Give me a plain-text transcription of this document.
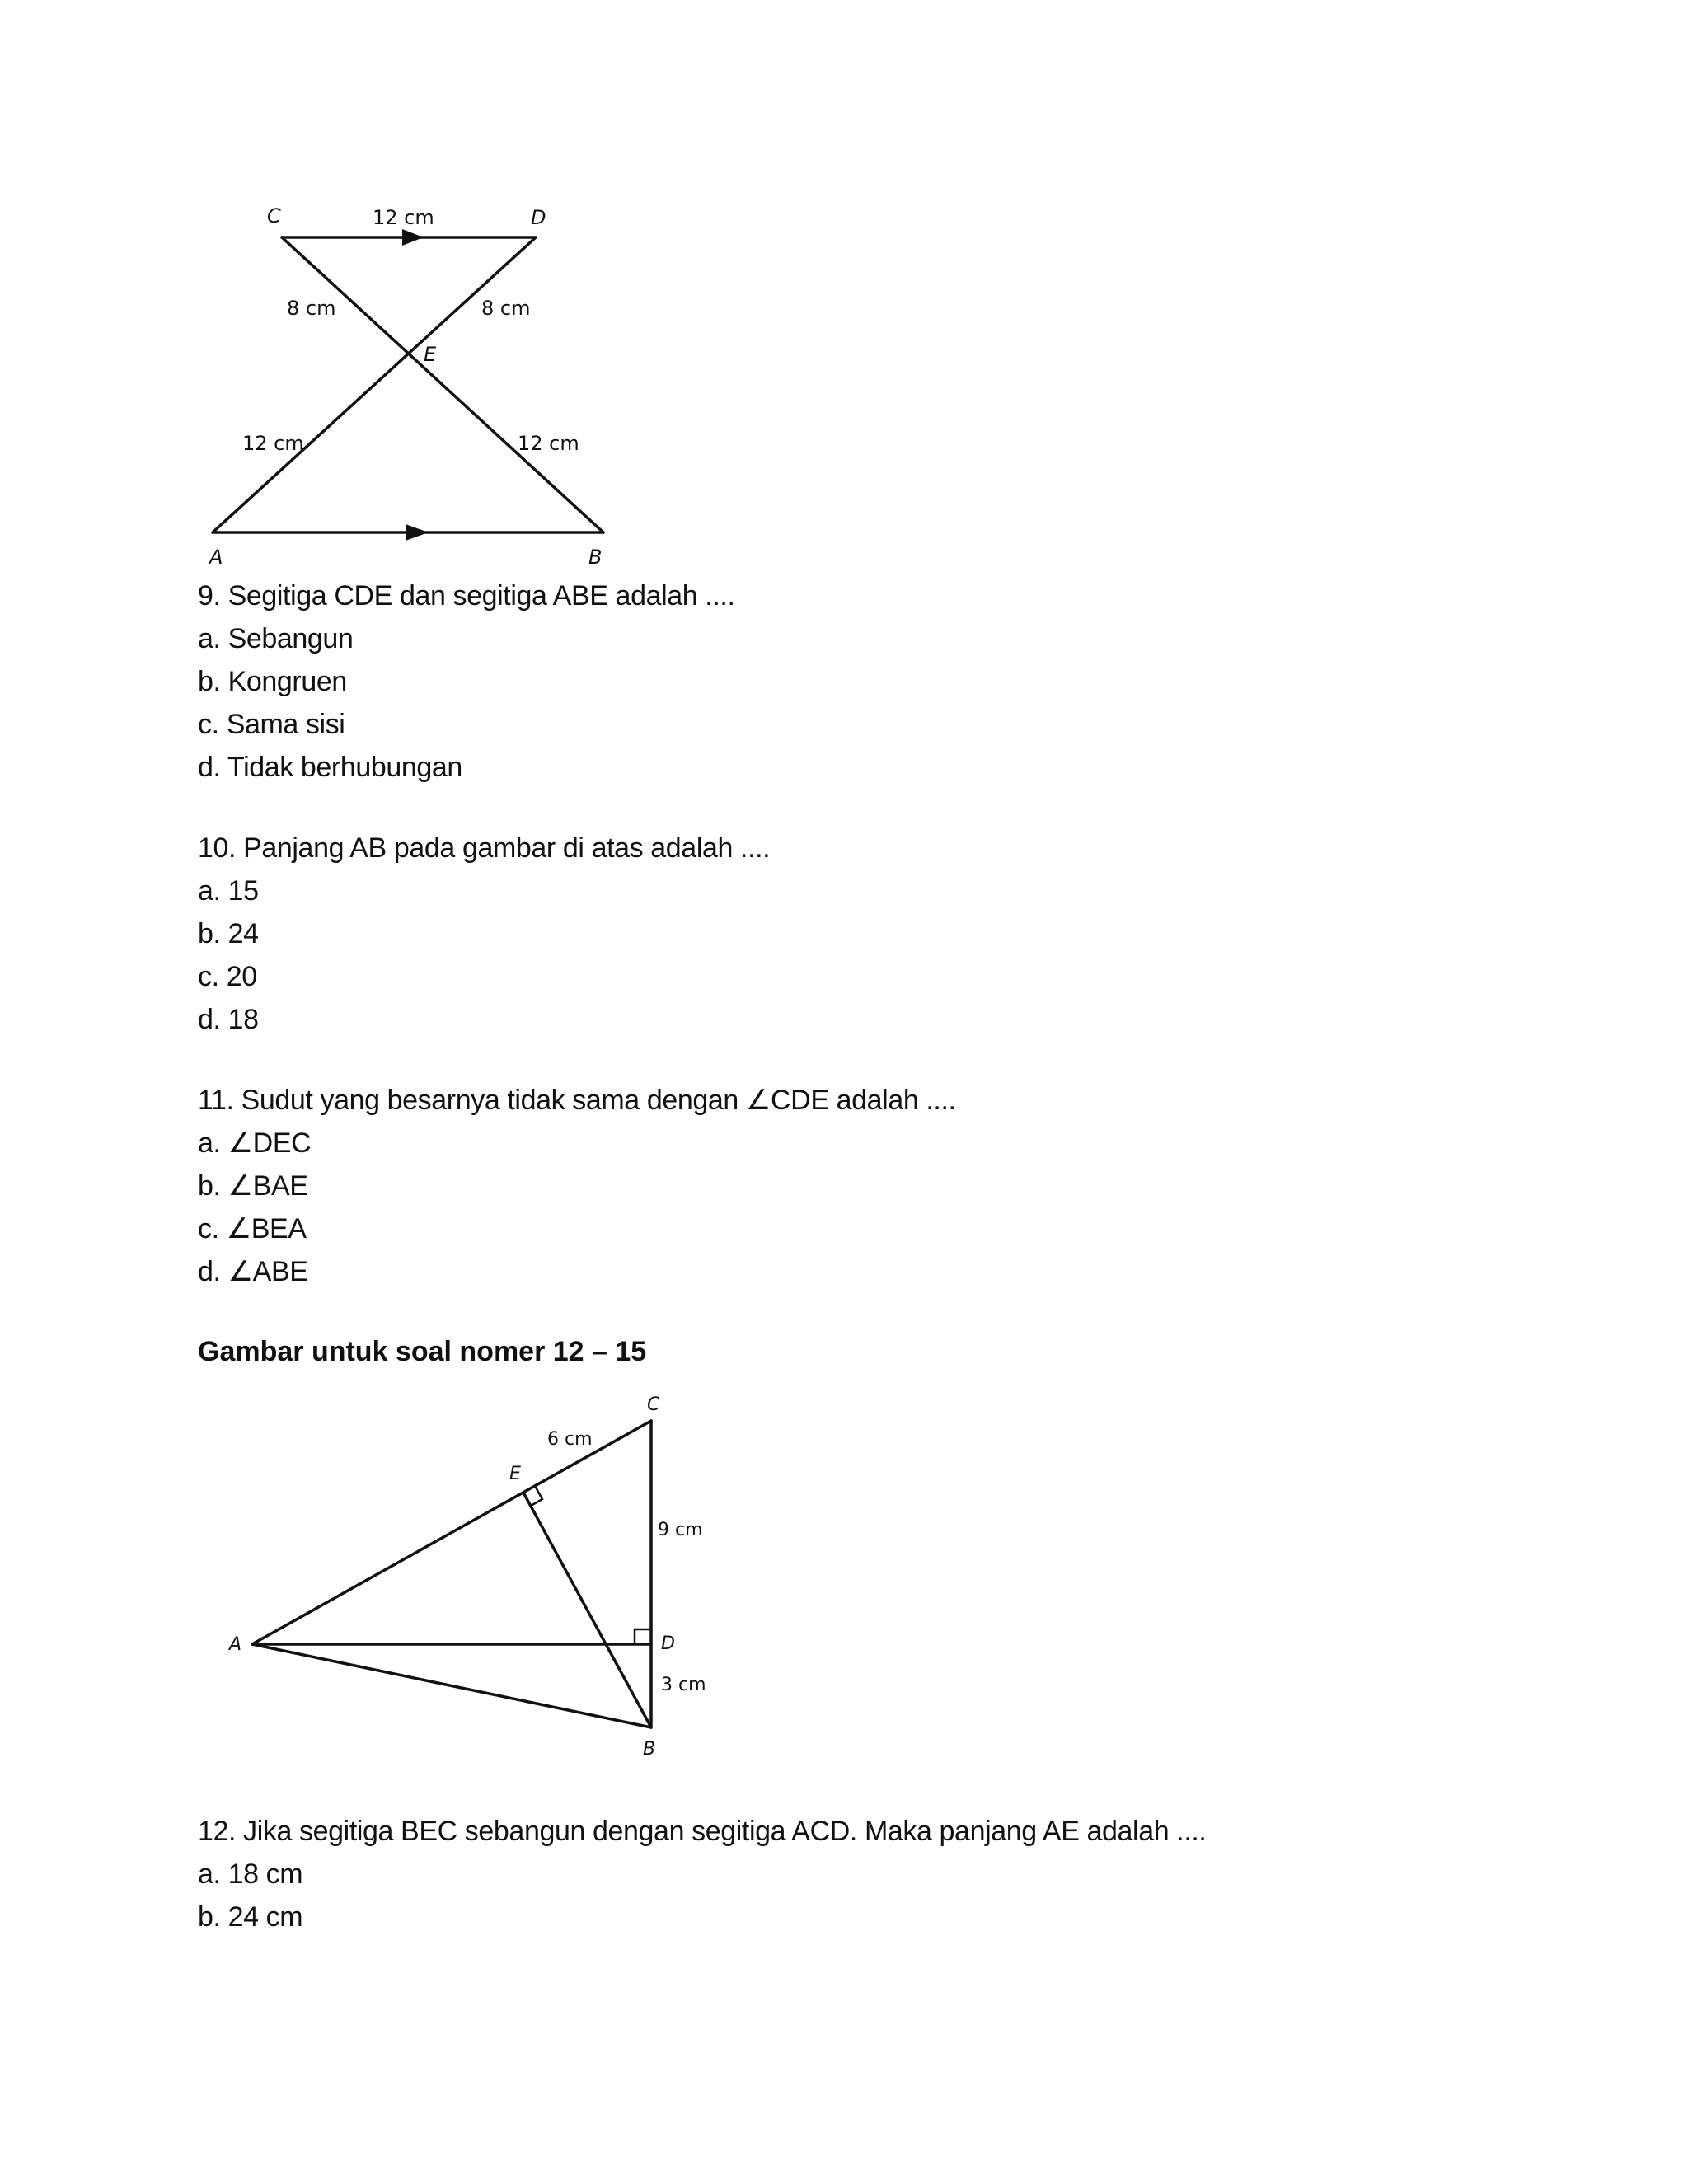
C	D
E
A	B
12 cm
8 cm	8 cm
12 cm	12 cm
9. Segitiga CDE dan segitiga ABE adalah ....
a. Sebangun
b. Kongruen
c. Sama sisi
d. Tidak berhubungan
10. Panjang AB pada gambar di atas adalah ....
a. 15
b. 24
c. 20
d. 18
11. Sudut yang besarnya tidak sama dengan ∠CDE adalah ....
a. ∠DEC
b. ∠BAE
c. ∠BEA
d. ∠ABE
Gambar untuk soal nomer 12 – 15
C
E
A	D
B
6 cm
9 cm
3 cm
12. Jika segitiga BEC sebangun dengan segitiga ACD. Maka panjang AE adalah ....
a. 18 cm
b. 24 cm
